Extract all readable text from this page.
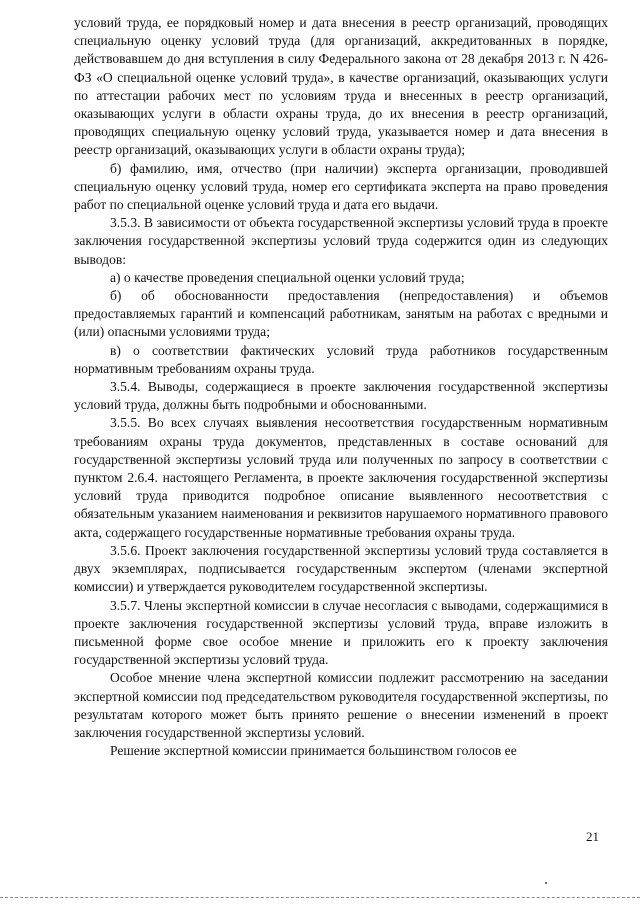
условий труда, ее порядковый номер и дата внесения в реестр организаций, проводящих специальную оценку условий труда (для организаций, аккредитованных в порядке, действовавшем до дня вступления в силу Федерального закона от 28 декабря 2013 г. N 426-ФЗ «О специальной оценке условий труда», в качестве организаций, оказывающих услуги по аттестации рабочих мест по условиям труда и внесенных в реестр организаций, оказывающих услуги в области охраны труда, до их внесения в реестр организаций, проводящих специальную оценку условий труда, указывается номер и дата внесения в реестр организаций, оказывающих услуги в области охраны труда);

б) фамилию, имя, отчество (при наличии) эксперта организации, проводившей специальную оценку условий труда, номер его сертификата эксперта на право проведения работ по специальной оценке условий труда и дата его выдачи.

3.5.3. В зависимости от объекта государственной экспертизы условий труда в проекте заключения государственной экспертизы условий труда содержится один из следующих выводов:

а) о качестве проведения специальной оценки условий труда;

б) об обоснованности предоставления (непредоставления) и объемов предоставляемых гарантий и компенсаций работникам, занятым на работах с вредными и (или) опасными условиями труда;

в) о соответствии фактических условий труда работников государственным нормативным требованиям охраны труда.

3.5.4. Выводы, содержащиеся в проекте заключения государственной экспертизы условий труда, должны быть подробными и обоснованными.

3.5.5. Во всех случаях выявления несоответствия государственным нормативным требованиям охраны труда документов, представленных в составе оснований для государственной экспертизы условий труда или полученных по запросу в соответствии с пунктом 2.6.4. настоящего Регламента, в проекте заключения государственной экспертизы условий труда приводится подробное описание выявленного несоответствия с обязательным указанием наименования и реквизитов нарушаемого нормативного правового акта, содержащего государственные нормативные требования охраны труда.

3.5.6. Проект заключения государственной экспертизы условий труда составляется в двух экземплярах, подписывается государственным экспертом (членами экспертной комиссии) и утверждается руководителем государственной экспертизы.

3.5.7. Члены экспертной комиссии в случае несогласия с выводами, содержащимися в проекте заключения государственной экспертизы условий труда, вправе изложить в письменной форме свое особое мнение и приложить его к проекту заключения государственной экспертизы условий труда.

Особое мнение члена экспертной комиссии подлежит рассмотрению на заседании экспертной комиссии под председательством руководителя государственной экспертизы, по результатам которого может быть принято решение о внесении изменений в проект заключения государственной экспертизы условий.

Решение экспертной комиссии принимается большинством голосов ее

21
